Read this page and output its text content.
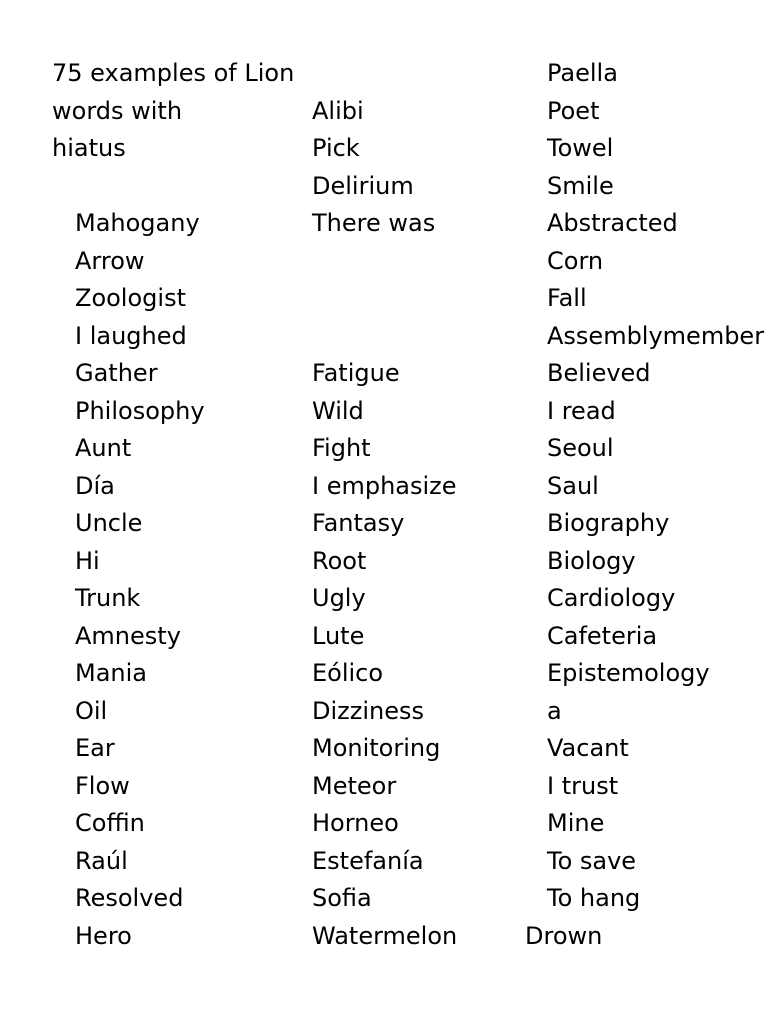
75 examples of Lion
words with
hiatus
Mahogany
Arrow
Zoologist
I laughed
Gather
Philosophy
Aunt
Día
Uncle
Hi
Trunk
Amnesty
Mania
Oil
Ear
Flow
Coffin
Raúl
Resolved
Hero
Alibi
Pick
Delirium
There was
Fatigue
Wild
Fight
I emphasize
Fantasy
Root
Ugly
Lute
Eólico
Dizziness
Monitoring
Meteor
Horneo
Estefanía
Sofia
Watermelon
Paella
Poet
Towel
Smile
Abstracted
Corn
Fall
Assemblymember
Believed
I read
Seoul
Saul
Biography
Biology
Cardiology
Cafeteria
Epistemology
a
Vacant
I trust
Mine
To save
To hang
Drown
